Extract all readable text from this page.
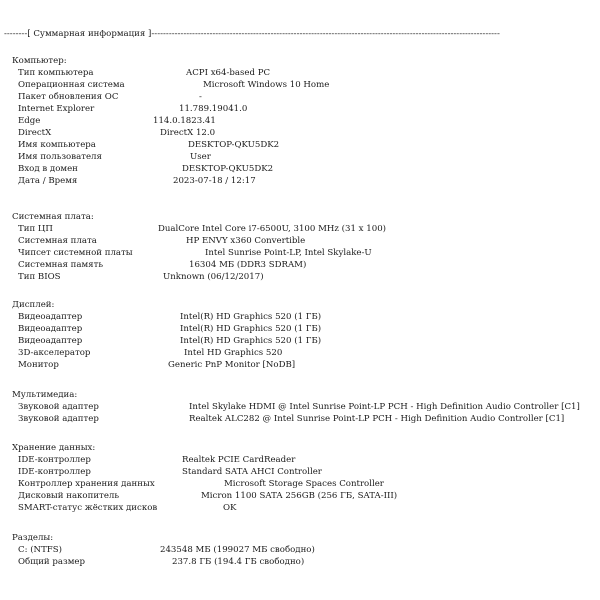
--------[ Суммарная информация ]------------------------------------------------------------------------------------------------------------------------
Компьютер:
Тип компьютера	ACPI x64-based PC
Операционная система	Microsoft Windows 10 Home
Пакет обновления ОС	-
Internet Explorer	11.789.19041.0
Edge	114.0.1823.41
DirectX	DirectX 12.0
Имя компьютера	DESKTOP-QKU5DK2
Имя пользователя	User
Вход в домен	DESKTOP-QKU5DK2
Дата / Время	2023-07-18 / 12:17
Системная плата:
Тип ЦП	DualCore Intel Core i7-6500U, 3100 MHz (31 x 100)
Системная плата	HP ENVY x360 Convertible
Чипсет системной платы	Intel Sunrise Point-LP, Intel Skylake-U
Системная память	16304 МБ (DDR3 SDRAM)
Тип BIOS	Unknown (06/12/2017)
Дисплей:
Видеоадаптер	Intel(R) HD Graphics 520 (1 ГБ)
Видеоадаптер	Intel(R) HD Graphics 520 (1 ГБ)
Видеоадаптер	Intel(R) HD Graphics 520 (1 ГБ)
3D-акселератор	Intel HD Graphics 520
Монитор	Generic PnP Monitor [NoDB]
Мультимедиа:
Звуковой адаптер	Intel Skylake HDMI @ Intel Sunrise Point-LP PCH - High Definition Audio Controller [C1]
Звуковой адаптер	Realtek ALC282 @ Intel Sunrise Point-LP PCH - High Definition Audio Controller [C1]
Хранение данных:
IDE-контроллер	Realtek PCIE CardReader
IDE-контроллер	Standard SATA AHCI Controller
Контроллер хранения данных	Microsoft Storage Spaces Controller
Дисковый накопитель	Micron 1100 SATA 256GB (256 ГБ, SATA-III)
SMART-статус жёстких дисков	OK
Разделы:
C: (NTFS)	243548 МБ (199027 МБ свободно)
Общий размер	237.8 ГБ (194.4 ГБ свободно)
